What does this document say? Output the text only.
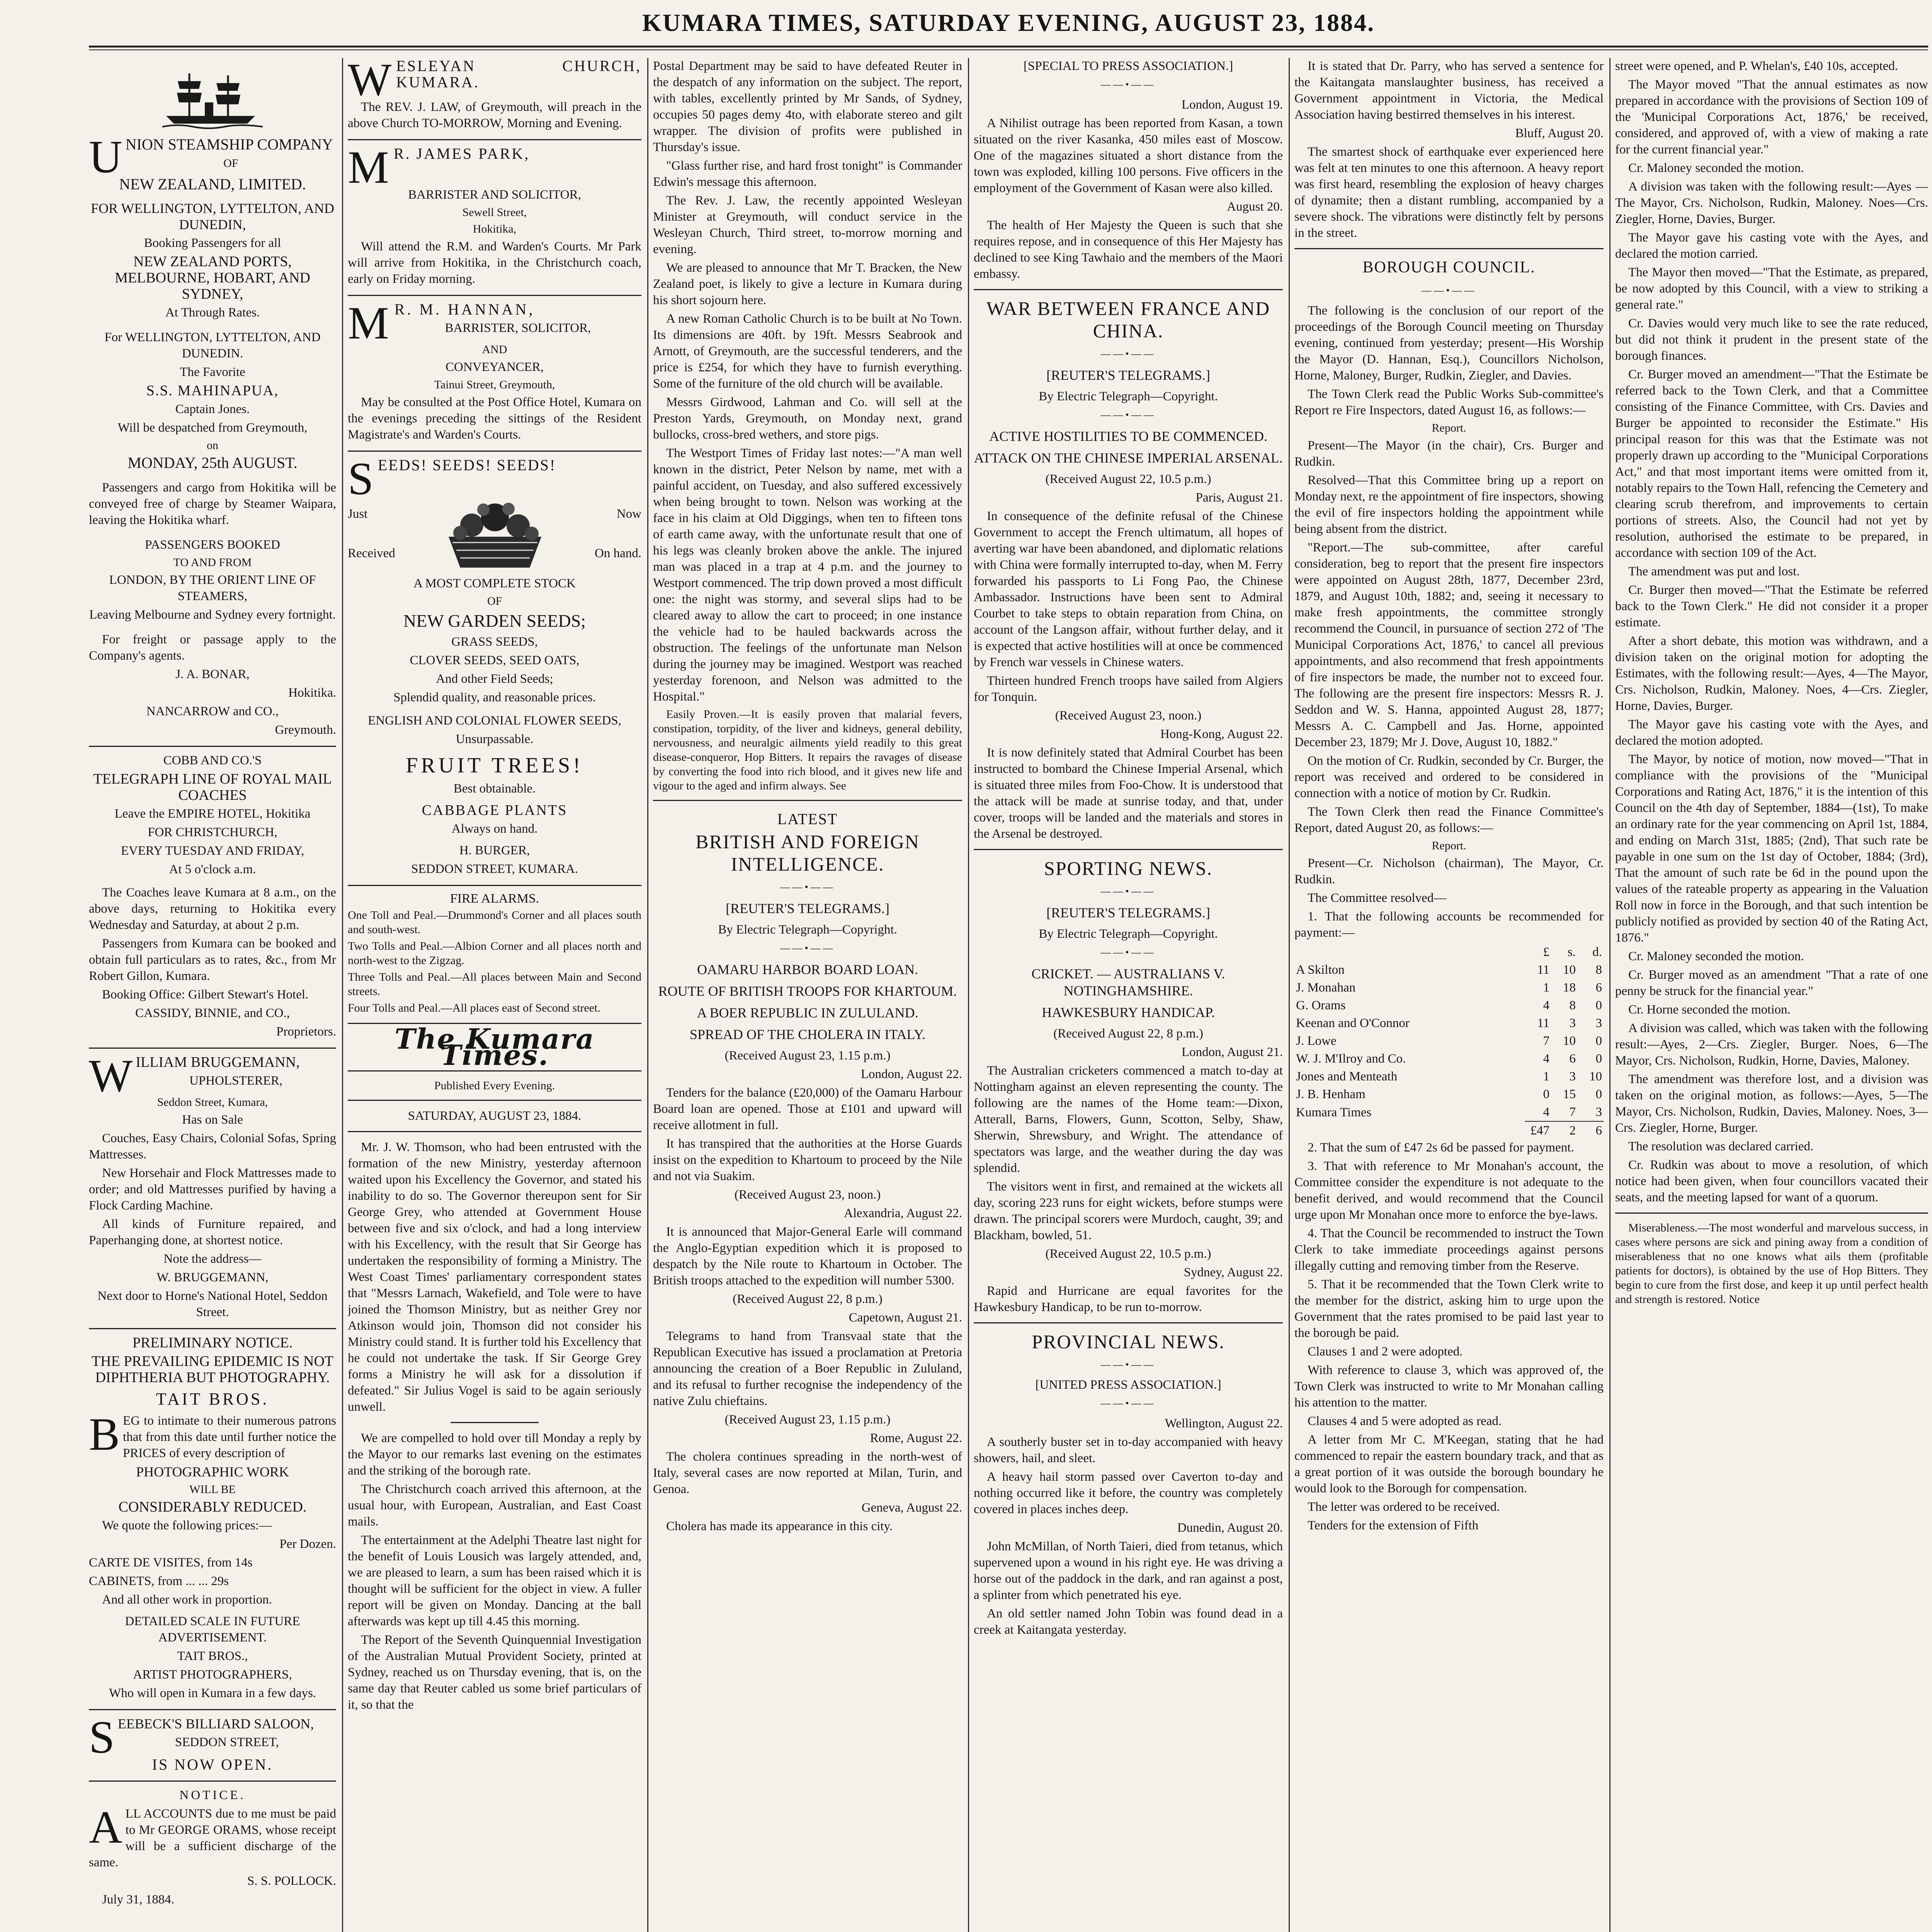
KUMARA TIMES, SATURDAY EVENING, AUGUST 23, 1884.

UNION STEAMSHIP COMPANY

OF

NEW ZEALAND, LIMITED.

FOR WELLINGTON, LYTTELTON, AND DUNEDIN,

Booking Passengers for all

NEW ZEALAND PORTS, MELBOURNE, HOBART, AND SYDNEY,

At Through Rates.

For WELLINGTON, LYTTELTON, AND DUNEDIN.

The Favorite

S.S. MAHINAPUA,

Captain Jones.

Will be despatched from Greymouth,

on

MONDAY, 25th AUGUST.

Passengers and cargo from Hokitika will be conveyed free of charge by Steamer Waipara, leaving the Hokitika wharf.

PASSENGERS BOOKED

TO AND FROM

LONDON, BY THE ORIENT LINE OF STEAMERS,

Leaving Melbourne and Sydney every fortnight.

For freight or passage apply to the Company's agents.

J. A. BONAR,

Hokitika.

NANCARROW and CO.,

Greymouth.

COBB AND CO.'S

TELEGRAPH LINE OF ROYAL MAIL COACHES

Leave the EMPIRE HOTEL, Hokitika

FOR CHRISTCHURCH,

EVERY TUESDAY AND FRIDAY,

At 5 o'clock a.m.

The Coaches leave Kumara at 8 a.m., on the above days, returning to Hokitika every Wednesday and Saturday, at about 2 p.m.

Passengers from Kumara can be booked and obtain full particulars as to rates, &c., from Mr Robert Gillon, Kumara.

Booking Office: Gilbert Stewart's Hotel.

CASSIDY, BINNIE, and CO.,

Proprietors.

WILLIAM BRUGGEMANN,

UPHOLSTERER,

Seddon Street, Kumara,

Has on Sale

Couches, Easy Chairs, Colonial Sofas, Spring Mattresses.

New Horsehair and Flock Mattresses made to order; and old Mattresses purified by having a Flock Carding Machine.

All kinds of Furniture repaired, and Paperhanging done, at shortest notice.

Note the address—

W. BRUGGEMANN,

Next door to Horne's National Hotel, Seddon Street.

PRELIMINARY NOTICE.

THE PREVAILING EPIDEMIC IS NOT DIPHTHERIA BUT PHOTOGRAPHY.

TAIT BROS.

BEG to intimate to their numerous patrons that from this date until further notice the PRICES of every description of

PHOTOGRAPHIC WORK

WILL BE

CONSIDERABLY REDUCED.

We quote the following prices:—

Per Dozen.

CARTE DE VISITES, from 14s

CABINETS, from ... ... 29s

And all other work in proportion.

DETAILED SCALE IN FUTURE ADVERTISEMENT.

TAIT BROS.,

ARTIST PHOTOGRAPHERS,

Who will open in Kumara in a few days.

SEEBECK'S BILLIARD SALOON,

SEDDON STREET,

IS NOW OPEN.

NOTICE.

ALL ACCOUNTS due to me must be paid to Mr GEORGE ORAMS, whose receipt will be a sufficient discharge of the same.

S. S. POLLOCK.

July 31, 1884.

WESLEYAN CHURCH, KUMARA.

The REV. J. LAW, of Greymouth, will preach in the above Church TO-MORROW, Morning and Evening.

M R. JAMES PARK,

BARRISTER AND SOLICITOR,

Sewell Street,

Hokitika,

Will attend the R.M. and Warden's Courts. Mr Park will arrive from Hokitika, in the Christchurch coach, early on Friday morning.

M R. M. HANNAN,

BARRISTER, SOLICITOR,

AND

CONVEYANCER,

Tainui Street, Greymouth,

May be consulted at the Post Office Hotel, Kumara on the evenings preceding the sittings of the Resident Magistrate's and Warden's Courts.

SEEDS! SEEDS! SEEDS!

Just

Received

Now

On hand.

A MOST COMPLETE STOCK

OF

NEW GARDEN SEEDS;

GRASS SEEDS,

CLOVER SEEDS, SEED OATS,

And other Field Seeds;

Splendid quality, and reasonable prices.

ENGLISH AND COLONIAL FLOWER SEEDS,

Unsurpassable.

FRUIT TREES!

Best obtainable.

CABBAGE PLANTS

Always on hand.

H. BURGER,

SEDDON STREET, KUMARA.

FIRE ALARMS.

One Toll and Peal.—Drummond's Corner and all places south and south-west.

Two Tolls and Peal.—Albion Corner and all places north and north-west to the Zigzag.

Three Tolls and Peal.—All places between Main and Second streets.

Four Tolls and Peal.—All places east of Second street.

The Kumara Times.

Published Every Evening.

SATURDAY, AUGUST 23, 1884.

Mr. J. W. Thomson, who had been entrusted with the formation of the new Ministry, yesterday afternoon waited upon his Excellency the Governor, and stated his inability to do so. The Governor thereupon sent for Sir George Grey, who attended at Government House between five and six o'clock, and had a long interview with his Excellency, with the result that Sir George has undertaken the responsibility of forming a Ministry. The West Coast Times' parliamentary correspondent states that "Messrs Larnach, Wakefield, and Tole were to have joined the Thomson Ministry, but as neither Grey nor Atkinson would join, Thomson did not consider his Ministry could stand. It is further told his Excellency that he could not undertake the task. If Sir George Grey forms a Ministry he will ask for a dissolution if defeated." Sir Julius Vogel is said to be again seriously unwell.

We are compelled to hold over till Monday a reply by the Mayor to our remarks last evening on the estimates and the striking of the borough rate.

The Christchurch coach arrived this afternoon, at the usual hour, with European, Australian, and East Coast mails.

The entertainment at the Adelphi Theatre last night for the benefit of Louis Lousich was largely attended, and, we are pleased to learn, a sum has been raised which it is thought will be sufficient for the object in view. A fuller report will be given on Monday. Dancing at the ball afterwards was kept up till 4.45 this morning.

The Report of the Seventh Quinquennial Investigation of the Australian Mutual Provident Society, printed at Sydney, reached us on Thursday evening, that is, on the same day that Reuter cabled us some brief particulars of it, so that the

Postal Department may be said to have defeated Reuter in the despatch of any information on the subject. The report, with tables, excellently printed by Mr Sands, of Sydney, occupies 50 pages demy 4to, with elaborate stereo and gilt wrapper. The division of profits were published in Thursday's issue.

"Glass further rise, and hard frost tonight" is Commander Edwin's message this afternoon.

The Rev. J. Law, the recently appointed Wesleyan Minister at Greymouth, will conduct service in the Wesleyan Church, Third street, to-morrow morning and evening.

We are pleased to announce that Mr T. Bracken, the New Zealand poet, is likely to give a lecture in Kumara during his short sojourn here.

A new Roman Catholic Church is to be built at No Town. Its dimensions are 40ft. by 19ft. Messrs Seabrook and Arnott, of Greymouth, are the successful tenderers, and the price is £254, for which they have to furnish everything. Some of the furniture of the old church will be available.

Messrs Girdwood, Lahman and Co. will sell at the Preston Yards, Greymouth, on Monday next, grand bullocks, cross-bred wethers, and store pigs.

The Westport Times of Friday last notes:—"A man well known in the district, Peter Nelson by name, met with a painful accident, on Tuesday, and also suffered excessively when being brought to town. Nelson was working at the face in his claim at Old Diggings, when ten to fifteen tons of earth came away, with the unfortunate result that one of his legs was cleanly broken above the ankle. The injured man was placed in a trap at 4 p.m. and the journey to Westport commenced. The trip down proved a most difficult one: the night was stormy, and several slips had to be cleared away to allow the cart to proceed; in one instance the vehicle had to be hauled backwards across the obstruction. The feelings of the unfortunate man Nelson during the journey may be imagined. Westport was reached yesterday forenoon, and Nelson was admitted to the Hospital."

Easily Proven.—It is easily proven that malarial fevers, constipation, torpidity, of the liver and kidneys, general debility, nervousness, and neuralgic ailments yield readily to this great disease-conqueror, Hop Bitters. It repairs the ravages of disease by converting the food into rich blood, and it gives new life and vigour to the aged and infirm always. See

LATEST

BRITISH AND FOREIGN INTELLIGENCE.

——•——

[REUTER'S TELEGRAMS.]

By Electric Telegraph—Copyright.

——•——

OAMARU HARBOR BOARD LOAN.

ROUTE OF BRITISH TROOPS FOR KHARTOUM.

A BOER REPUBLIC IN ZULULAND.

SPREAD OF THE CHOLERA IN ITALY.

(Received August 23, 1.15 p.m.)

London, August 22.

Tenders for the balance (£20,000) of the Oamaru Harbour Board loan are opened. Those at £101 and upward will receive allotment in full.

It has transpired that the authorities at the Horse Guards insist on the expedition to Khartoum to proceed by the Nile and not via Suakim.

(Received August 23, noon.)

Alexandria, August 22.

It is announced that Major-General Earle will command the Anglo-Egyptian expedition which it is proposed to despatch by the Nile route to Khartoum in October. The British troops attached to the expedition will number 5300.

(Received August 22, 8 p.m.)

Capetown, August 21.

Telegrams to hand from Transvaal state that the Republican Executive has issued a proclamation at Pretoria announcing the creation of a Boer Republic in Zululand, and its refusal to further recognise the independency of the native Zulu chieftains.

(Received August 23, 1.15 p.m.)

Rome, August 22.

The cholera continues spreading in the north-west of Italy, several cases are now reported at Milan, Turin, and Genoa.

Geneva, August 22.

Cholera has made its appearance in this city.

[SPECIAL TO PRESS ASSOCIATION.]

——•——

London, August 19.

A Nihilist outrage has been reported from Kasan, a town situated on the river Kasanka, 450 miles east of Moscow. One of the magazines situated a short distance from the town was exploded, killing 100 persons. Five officers in the employment of the Government of Kasan were also killed.

August 20.

The health of Her Majesty the Queen is such that she requires repose, and in consequence of this Her Majesty has declined to see King Tawhaio and the members of the Maori embassy.

WAR BETWEEN FRANCE AND CHINA.

——•——

[REUTER'S TELEGRAMS.]

By Electric Telegraph—Copyright.

——•——

ACTIVE HOSTILITIES TO BE COMMENCED.

ATTACK ON THE CHINESE IMPERIAL ARSENAL.

(Received August 22, 10.5 p.m.)

Paris, August 21.

In consequence of the definite refusal of the Chinese Government to accept the French ultimatum, all hopes of averting war have been abandoned, and diplomatic relations with China were formally interrupted to-day, when M. Ferry forwarded his passports to Li Fong Pao, the Chinese Ambassador. Instructions have been sent to Admiral Courbet to take steps to obtain reparation from China, on account of the Langson affair, without further delay, and it is expected that active hostilities will at once be commenced by French war vessels in Chinese waters.

Thirteen hundred French troops have sailed from Algiers for Tonquin.

(Received August 23, noon.)

Hong-Kong, August 22.

It is now definitely stated that Admiral Courbet has been instructed to bombard the Chinese Imperial Arsenal, which is situated three miles from Foo-Chow. It is understood that the attack will be made at sunrise today, and that, under cover, troops will be landed and the materials and stores in the Arsenal be destroyed.

SPORTING NEWS.

——•——

[REUTER'S TELEGRAMS.]

By Electric Telegraph—Copyright.

——•——

CRICKET. — AUSTRALIANS V. NOTINGHAMSHIRE.

HAWKESBURY HANDICAP.

(Received August 22, 8 p.m.)

London, August 21.

The Australian cricketers commenced a match to-day at Nottingham against an eleven representing the county. The following are the names of the Home team:—Dixon, Atterall, Barns, Flowers, Gunn, Scotton, Selby, Shaw, Sherwin, Shrewsbury, and Wright. The attendance of spectators was large, and the weather during the day was splendid.

The visitors went in first, and remained at the wickets all day, scoring 223 runs for eight wickets, before stumps were drawn. The principal scorers were Murdoch, caught, 39; and Blackham, bowled, 51.

(Received August 22, 10.5 p.m.)

Sydney, August 22.

Rapid and Hurricane are equal favorites for the Hawkesbury Handicap, to be run to-morrow.

PROVINCIAL NEWS.

——•——

[UNITED PRESS ASSOCIATION.]

——•——

Wellington, August 22.

A southerly buster set in to-day accompanied with heavy showers, hail, and sleet.

A heavy hail storm passed over Caverton to-day and nothing occurred like it before, the country was completely covered in places inches deep.

Dunedin, August 20.

John McMillan, of North Taieri, died from tetanus, which supervened upon a wound in his right eye. He was driving a horse out of the paddock in the dark, and ran against a post, a splinter from which penetrated his eye.

An old settler named John Tobin was found dead in a creek at Kaitangata yesterday.

It is stated that Dr. Parry, who has served a sentence for the Kaitangata manslaughter business, has received a Government appointment in Victoria, the Medical Association having bestirred themselves in his interest.

Bluff, August 20.

The smartest shock of earthquake ever experienced here was felt at ten minutes to one this afternoon. A heavy report was first heard, resembling the explosion of heavy charges of dynamite; then a distant rumbling, accompanied by a severe shock. The vibrations were distinctly felt by persons in the street.

BOROUGH COUNCIL.

——•——

The following is the conclusion of our report of the proceedings of the Borough Council meeting on Thursday evening, continued from yesterday; present—His Worship the Mayor (D. Hannan, Esq.), Councillors Nicholson, Horne, Maloney, Burger, Rudkin, Ziegler, and Davies.

The Town Clerk read the Public Works Sub-committee's Report re Fire Inspectors, dated August 16, as follows:—

Report.

Present—The Mayor (in the chair), Crs. Burger and Rudkin.

Resolved—That this Committee bring up a report on Monday next, re the appointment of fire inspectors, showing the evil of fire inspectors holding the appointment while being absent from the district.

"Report.—The sub-committee, after careful consideration, beg to report that the present fire inspectors were appointed on August 28th, 1877, December 23rd, 1879, and August 10th, 1882; and, seeing it necessary to make fresh appointments, the committee strongly recommend the Council, in pursuance of section 272 of 'The Municipal Corporations Act, 1876,' to cancel all previous appointments, and also recommend that fresh appointments of fire inspectors be made, the number not to exceed four. The following are the present fire inspectors: Messrs R. J. Seddon and W. S. Hanna, appointed August 28, 1877; Messrs A. C. Campbell and Jas. Horne, appointed December 23, 1879; Mr J. Dove, August 10, 1882."

On the motion of Cr. Rudkin, seconded by Cr. Burger, the report was received and ordered to be considered in connection with a notice of motion by Cr. Rudkin.

The Town Clerk then read the Finance Committee's Report, dated August 20, as follows:—

Report.

Present—Cr. Nicholson (chairman), The Mayor, Cr. Rudkin.

The Committee resolved—

1. That the following accounts be recommended for payment:—

	£	s.	d.
A Skilton	11	10	8
J. Monahan	1	18	6
G. Orams	4	8	0
Keenan and O'Connor	11	3	3
J. Lowe	7	10	0
W. J. M'Ilroy and Co.	4	6	0
Jones and Menteath	1	3	10
J. B. Henham	0	15	0
Kumara Times	4	7	3
	£47	2	6

2. That the sum of £47 2s 6d be passed for payment.

3. That with reference to Mr Monahan's account, the Committee consider the expenditure is not adequate to the benefit derived, and would recommend that the Council urge upon Mr Monahan once more to enforce the bye-laws.

4. That the Council be recommended to instruct the Town Clerk to take immediate proceedings against persons illegally cutting and removing timber from the Reserve.

5. That it be recommended that the Town Clerk write to the member for the district, asking him to urge upon the Government that the rates promised to be paid last year to the borough be paid.

Clauses 1 and 2 were adopted.

With reference to clause 3, which was approved of, the Town Clerk was instructed to write to Mr Monahan calling his attention to the matter.

Clauses 4 and 5 were adopted as read.

A letter from Mr C. M'Keegan, stating that he had commenced to repair the eastern boundary track, and that as a great portion of it was outside the borough boundary he would look to the Borough for compensation.

The letter was ordered to be received.

Tenders for the extension of Fifth

street were opened, and P. Whelan's, £40 10s, accepted.

The Mayor moved "That the annual estimates as now prepared in accordance with the provisions of Section 109 of the 'Municipal Corporations Act, 1876,' be received, considered, and approved of, with a view of making a rate for the current financial year."

Cr. Maloney seconded the motion.

A division was taken with the following result:—Ayes — The Mayor, Crs. Nicholson, Rudkin, Maloney. Noes—Crs. Ziegler, Horne, Davies, Burger.

The Mayor gave his casting vote with the Ayes, and declared the motion carried.

The Mayor then moved—"That the Estimate, as prepared, be now adopted by this Council, with a view to striking a general rate."

Cr. Davies would very much like to see the rate reduced, but did not think it prudent in the present state of the borough finances.

Cr. Burger moved an amendment—"That the Estimate be referred back to the Town Clerk, and that a Committee consisting of the Finance Committee, with Crs. Davies and Burger be appointed to reconsider the Estimate." His principal reason for this was that the Estimate was not properly drawn up according to the "Municipal Corporations Act," and that most important items were omitted from it, notably repairs to the Town Hall, refencing the Cemetery and clearing scrub therefrom, and improvements to certain portions of streets. Also, the Council had not yet by resolution, authorised the estimate to be prepared, in accordance with section 109 of the Act.

The amendment was put and lost.

Cr. Burger then moved—"That the Estimate be referred back to the Town Clerk." He did not consider it a proper estimate.

After a short debate, this motion was withdrawn, and a division taken on the original motion for adopting the Estimates, with the following result:—Ayes, 4—The Mayor, Crs. Nicholson, Rudkin, Maloney. Noes, 4—Crs. Ziegler, Horne, Davies, Burger.

The Mayor gave his casting vote with the Ayes, and declared the motion adopted.

The Mayor, by notice of motion, now moved—"That in compliance with the provisions of the "Municipal Corporations and Rating Act, 1876," it is the intention of this Council on the 4th day of September, 1884—(1st), To make an ordinary rate for the year commencing on April 1st, 1884, and ending on March 31st, 1885; (2nd), That such rate be payable in one sum on the 1st day of October, 1884; (3rd), That the amount of such rate be 6d in the pound upon the values of the rateable property as appearing in the Valuation Roll now in force in the Borough, and that such intention be publicly notified as provided by section 40 of the Rating Act, 1876."

Cr. Maloney seconded the motion.

Cr. Burger moved as an amendment "That a rate of one penny be struck for the financial year."

Cr. Horne seconded the motion.

A division was called, which was taken with the following result:—Ayes, 2—Crs. Ziegler, Burger. Noes, 6—The Mayor, Crs. Nicholson, Rudkin, Horne, Davies, Maloney.

The amendment was therefore lost, and a division was taken on the original motion, as follows:—Ayes, 5—The Mayor, Crs. Nicholson, Rudkin, Davies, Maloney. Noes, 3—Crs. Ziegler, Horne, Burger.

The resolution was declared carried.

Cr. Rudkin was about to move a resolution, of which notice had been given, when four councillors vacated their seats, and the meeting lapsed for want of a quorum.

Miserableness.—The most wonderful and marvelous success, in cases where persons are sick and pining away from a condition of miserableness that no one knows what ails them (profitable patients for doctors), is obtained by the use of Hop Bitters. They begin to cure from the first dose, and keep it up until perfect health and strength is restored. Notice
